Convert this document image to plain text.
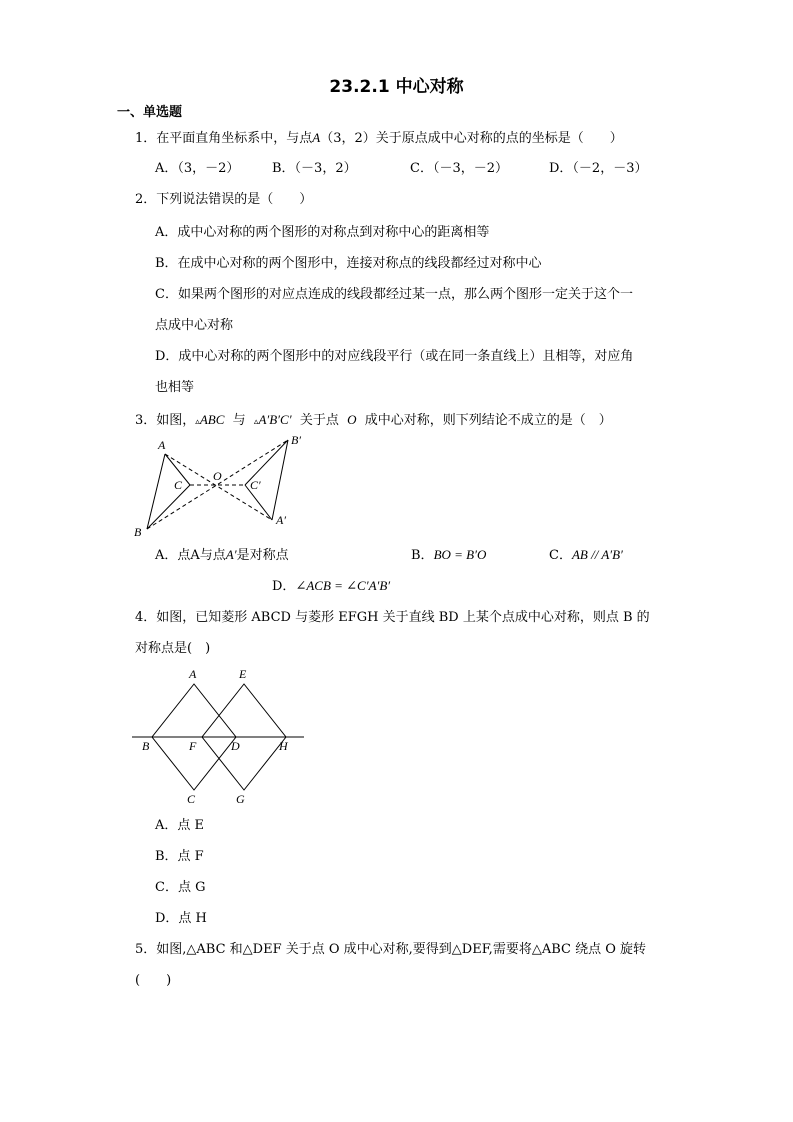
23.2.1 中心对称
一、单选题
1．在平面直角坐标系中，与点A（3，2）关于原点成中心对称的点的坐标是（　　）
A．（3，－2）	B．（－3，2）	C．（－3，－2）	D．（－2，－3）
2．下列说法错误的是（　　）
A．成中心对称的两个图形的对称点到对称中心的距离相等
B．在成中心对称的两个图形中，连接对称点的线段都经过对称中心
C．如果两个图形的对应点连成的线段都经过某一点，那么两个图形一定关于这个一
点成中心对称
D．成中心对称的两个图形中的对应线段平行（或在同一条直线上）且相等，对应角
也相等
3．如图，▵ABC 与 ▵A′B′C′ 关于点 O 成中心对称，则下列结论不成立的是（　）
A
B
C
O
C′
A′
B′
A．点A与点A′是对称点	B．BO = B′O	C．AB // A′B′
D．∠ACB = ∠C′A′B′
4．如图，已知菱形 ABCD 与菱形 EFGH 关于直线 BD 上某个点成中心对称，则点 B 的
对称点是(　)
A	E
B	F	D	H
C	G
A．点 E
B．点 F
C．点 G
D．点 H
5．如图,△ABC 和△DEF 关于点 O 成中心对称,要得到△DEF,需要将△ABC 绕点 O 旋转
(　　)
